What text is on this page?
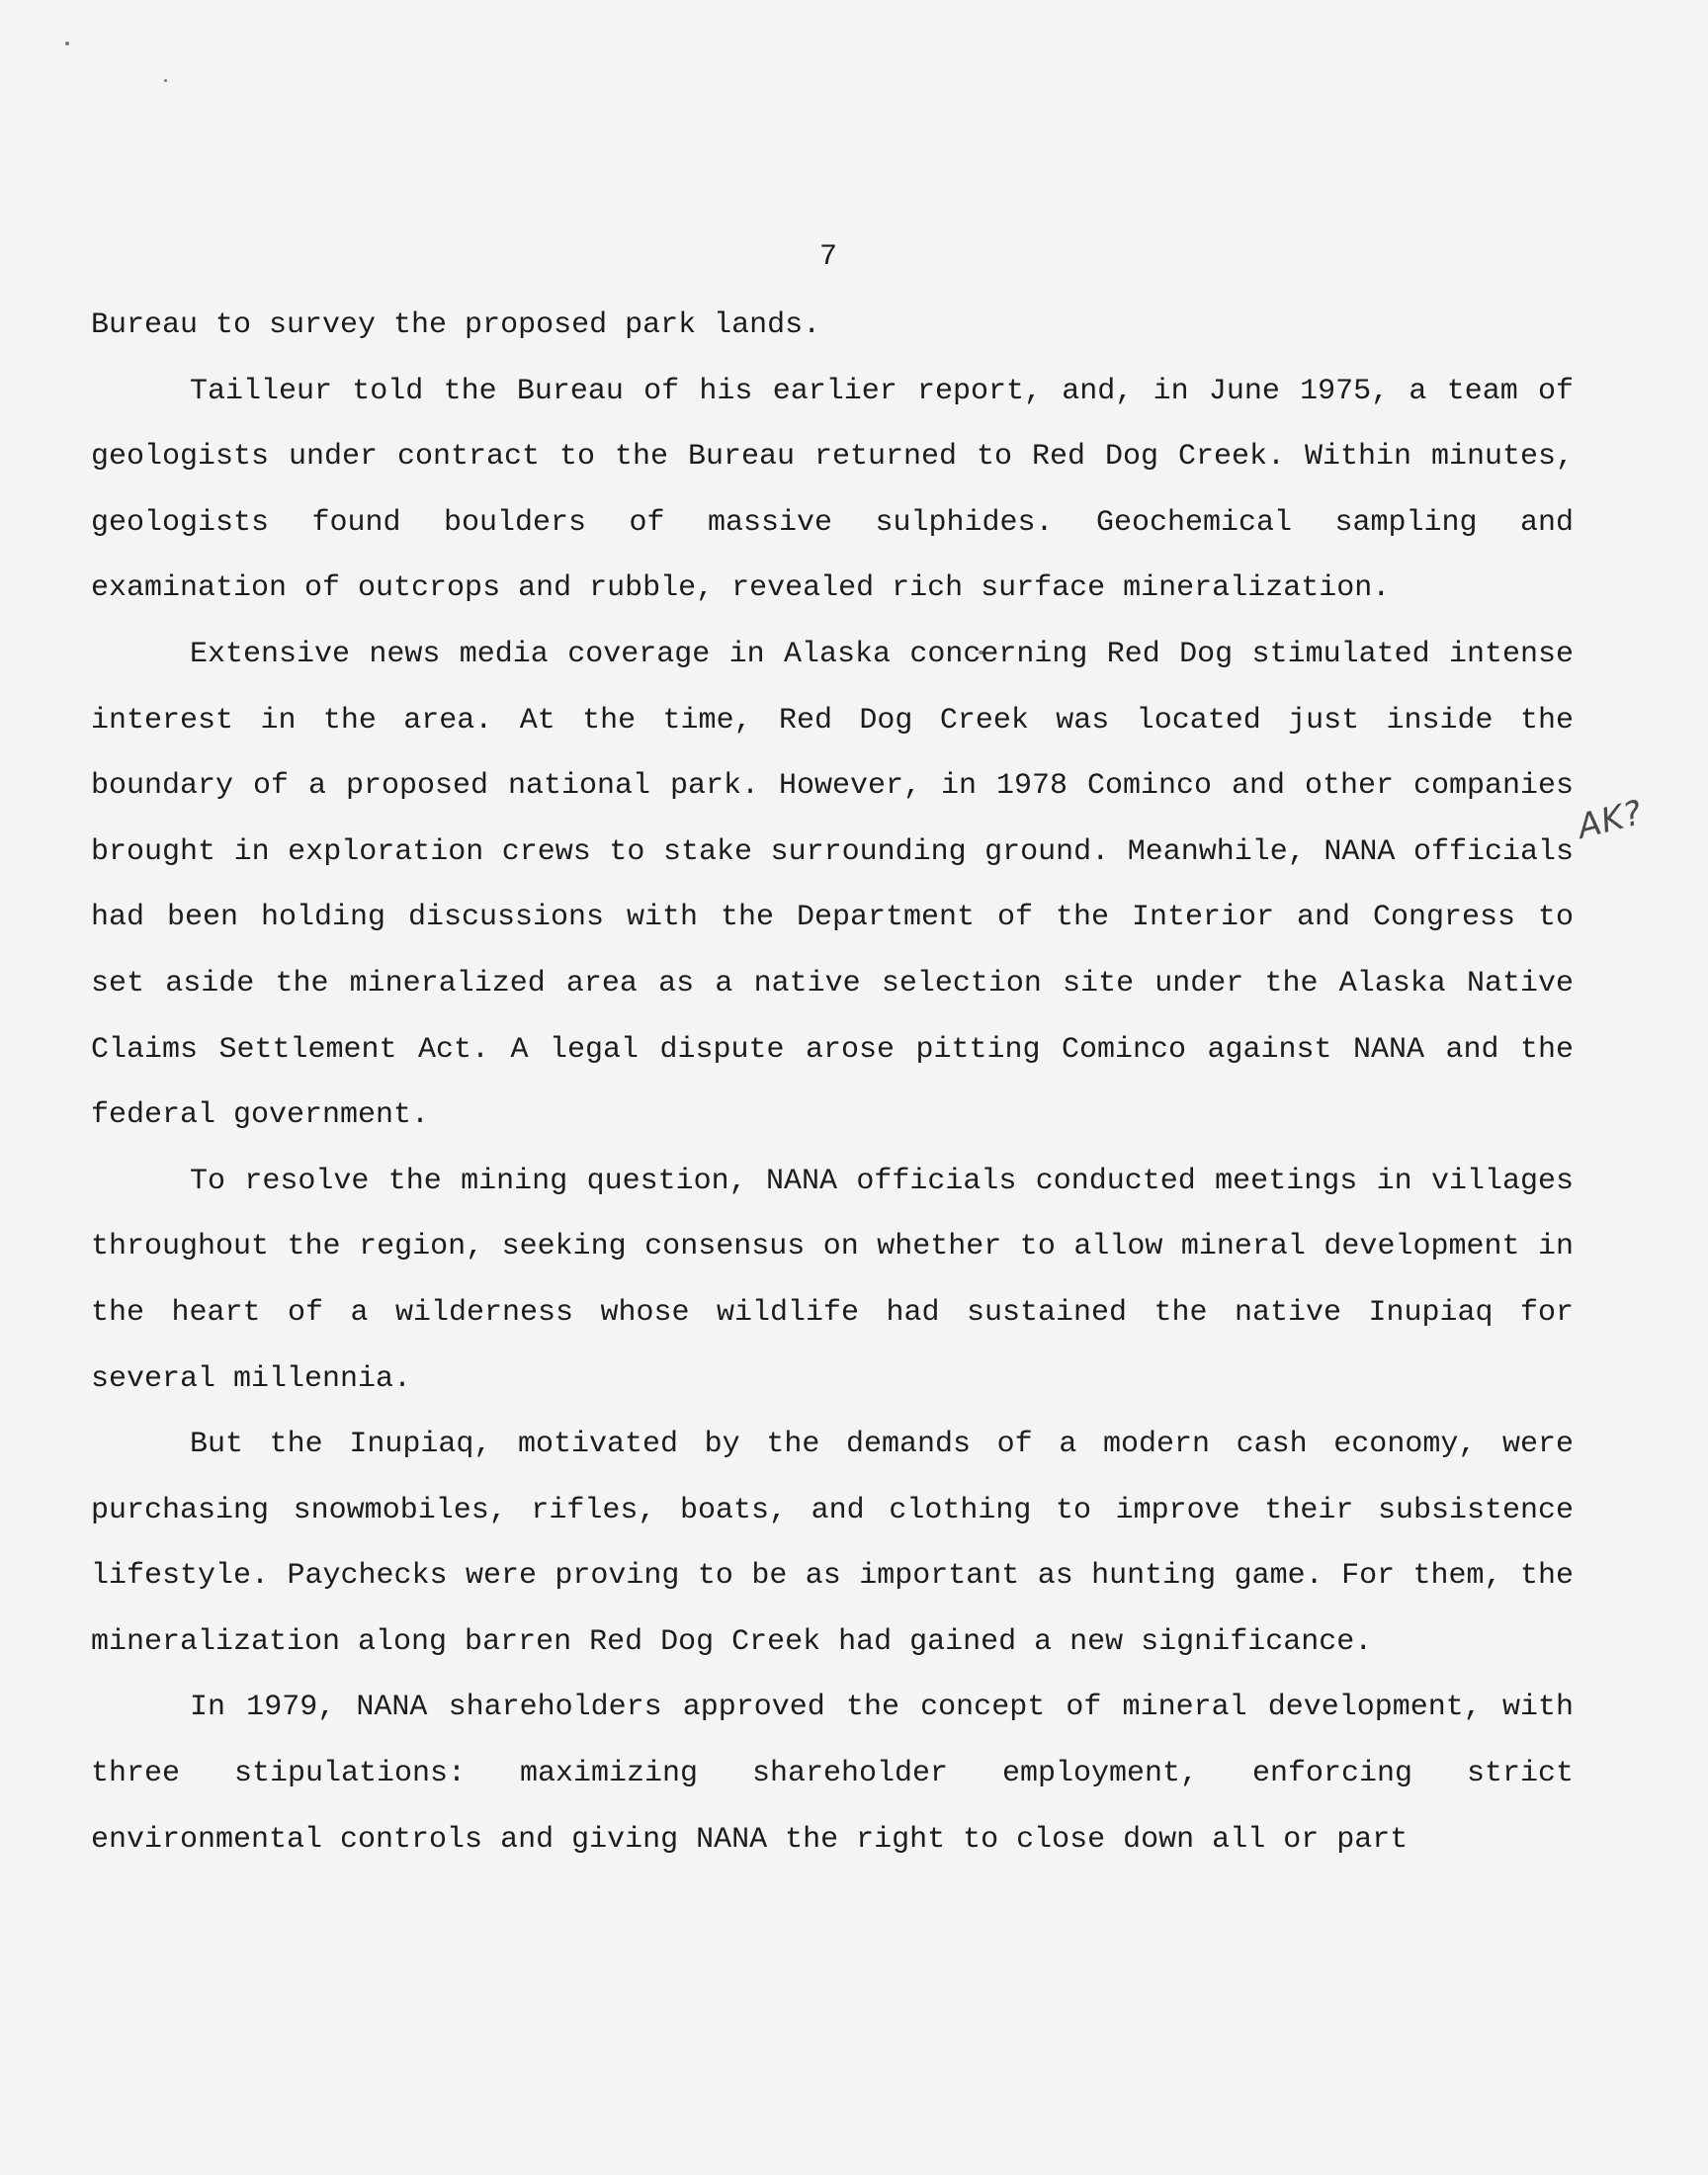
7

Bureau to survey the proposed park lands.

Tailleur told the Bureau of his earlier report, and, in June 1975, a team of geologists under contract to the Bureau returned to Red Dog Creek. Within minutes, geologists found boulders of massive sulphides. Geochemical sampling and examination of outcrops and rubble, revealed rich surface mineralization.

Extensive news media coverage in Alaska concerning Red Dog stimulated intense interest in the area. At the time, Red Dog Creek was located just inside the boundary of a proposed national park. However, in 1978 Cominco and other companies brought in exploration crews to stake surrounding ground. Meanwhile, NANA officials had been holding discussions with the Department of the Interior and Congress to set aside the mineralized area as a native selection site under the Alaska Native Claims Settlement Act. A legal dispute arose pitting Cominco against NANA and the federal government.

To resolve the mining question, NANA officials conducted meetings in villages throughout the region, seeking consensus on whether to allow mineral development in the heart of a wilderness whose wildlife had sustained the native Inupiaq for several millennia.

But the Inupiaq, motivated by the demands of a modern cash economy, were purchasing snowmobiles, rifles, boats, and clothing to improve their subsistence lifestyle. Paychecks were proving to be as important as hunting game. For them, the mineralization along barren Red Dog Creek had gained a new significance.

In 1979, NANA shareholders approved the concept of mineral development, with three stipulations: maximizing shareholder employment, enforcing strict environmental controls and giving NANA the right to close down all or part

AK?
